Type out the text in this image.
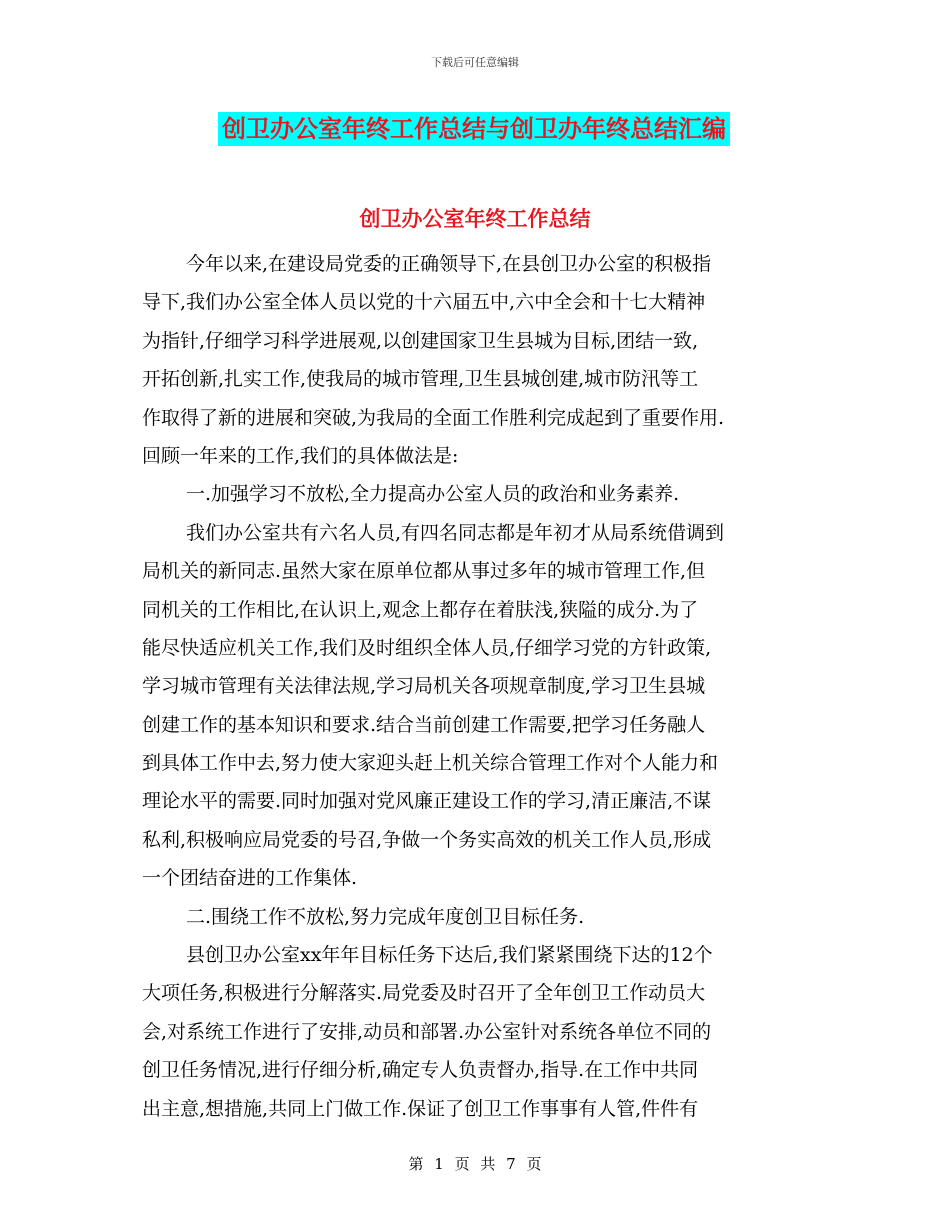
下载后可任意编辑
创卫办公室年终工作总结与创卫办年终总结汇编
创卫办公室年终工作总结
今年以来,在建设局党委的正确领导下,在县创卫办公室的积极指
导下,我们办公室全体人员以党的十六届五中,六中全会和十七大精神
为指针,仔细学习科学进展观,以创建国家卫生县城为目标,团结一致,
开拓创新,扎实工作,使我局的城市管理,卫生县城创建,城市防汛等工
作取得了新的进展和突破,为我局的全面工作胜利完成起到了重要作用.
回顾一年来的工作,我们的具体做法是:
一.加强学习不放松,全力提高办公室人员的政治和业务素养.
我们办公室共有六名人员,有四名同志都是年初才从局系统借调到
局机关的新同志.虽然大家在原单位都从事过多年的城市管理工作,但
同机关的工作相比,在认识上,观念上都存在着肤浅,狭隘的成分.为了
能尽快适应机关工作,我们及时组织全体人员,仔细学习党的方针政策,
学习城市管理有关法律法规,学习局机关各项规章制度,学习卫生县城
创建工作的基本知识和要求.结合当前创建工作需要,把学习任务融人
到具体工作中去,努力使大家迎头赶上机关综合管理工作对个人能力和
理论水平的需要.同时加强对党风廉正建设工作的学习,清正廉洁,不谋
私利,积极响应局党委的号召,争做一个务实高效的机关工作人员,形成
一个团结奋进的工作集体.
二.围绕工作不放松,努力完成年度创卫目标任务.
县创卫办公室xx年年目标任务下达后,我们紧紧围绕下达的12个
大项任务,积极进行分解落实.局党委及时召开了全年创卫工作动员大
会,对系统工作进行了安排,动员和部署.办公室针对系统各单位不同的
创卫任务情况,进行仔细分析,确定专人负责督办,指导.在工作中共同
出主意,想措施,共同上门做工作.保证了创卫工作事事有人管,件件有
第 1 页 共 7 页
